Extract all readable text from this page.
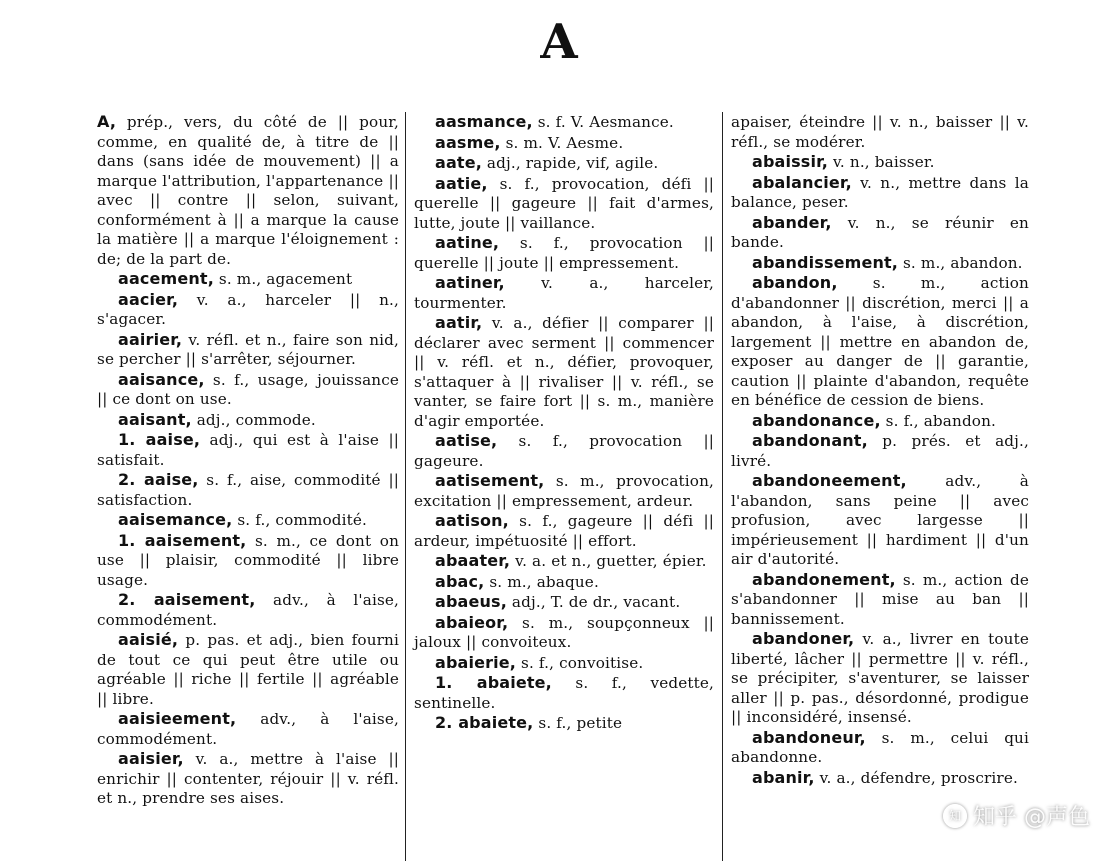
A

A, prép., vers, du côté de || pour, comme, en qualité de, à titre de || dans (sans idée de mouvement) || a marque l'attribution, l'appartenance || avec || contre || selon, suivant, conformément à || a marque la cause la matière || a marque l'éloignement : de; de la part de.

aacement, s. m., agacement

aacier, v. a., harceler || n., s'agacer.

aairier, v. réfl. et n., faire son nid, se percher || s'arrêter, séjourner.

aaisance, s. f., usage, jouissance || ce dont on use.

aaisant, adj., commode.

1. aaise, adj., qui est à l'aise || satisfait.

2. aaise, s. f., aise, commodité || satisfaction.

aaisemance, s. f., commodité.

1. aaisement, s. m., ce dont on use || plaisir, commodité || libre usage.

2. aaisement, adv., à l'aise, commodément.

aaisié, p. pas. et adj., bien fourni de tout ce qui peut être utile ou agréable || riche || fertile || agréable || libre.

aaisieement, adv., à l'aise, commodément.

aaisier, v. a., mettre à l'aise || enrichir || contenter, réjouir || v. réfl. et n., prendre ses aises.

aasmance, s. f. V. Aesmance.

aasme, s. m. V. Aesme.

aate, adj., rapide, vif, agile.

aatie, s. f., provocation, défi || querelle || gageure || fait d'armes, lutte, joute || vaillance.

aatine, s. f., provocation || querelle || joute || empressement.

aatiner, v. a., harceler, tourmenter.

aatir, v. a., défier || comparer || déclarer avec serment || commencer || v. réfl. et n., défier, provoquer, s'attaquer à || rivaliser || v. réfl., se vanter, se faire fort || s. m., manière d'agir emportée.

aatise, s. f., provocation || gageure.

aatisement, s. m., provocation, excitation || empressement, ardeur.

aatison, s. f., gageure || défi || ardeur, impétuosité || effort.

abaater, v. a. et n., guetter, épier.

abac, s. m., abaque.

abaeus, adj., T. de dr., vacant.

abaieor, s. m., soupçonneux || jaloux || convoiteux.

abaierie, s. f., convoitise.

1. abaiete, s. f., vedette, sentinelle.

2. abaiete, s. f., petite

apaiser, éteindre || v. n., baisser || v. réfl., se modérer.

abaissir, v. n., baisser.

abalancier, v. n., mettre dans la balance, peser.

abander, v. n., se réunir en bande.

abandissement, s. m., abandon.

abandon, s. m., action d'abandonner || discrétion, merci || a abandon, à l'aise, à discrétion, largement || mettre en abandon de, exposer au danger de || garantie, caution || plainte d'abandon, requête en bénéfice de cession de biens.

abandonance, s. f., abandon.

abandonant, p. prés. et adj., livré.

abandoneement, adv., à l'abandon, sans peine || avec profusion, avec largesse || impérieusement || hardiment || d'un air d'autorité.

abandonement, s. m., action de s'abandonner || mise au ban || bannissement.

abandoner, v. a., livrer en toute liberté, lâcher || permettre || v. réfl., se précipiter, s'aventurer, se laisser aller || p. pas., désordonné, prodigue || inconsidéré, insensé.

abandoneur, s. m., celui qui abandonne.

abanir, v. a., défendre, proscrire.

知 知乎 @声色
